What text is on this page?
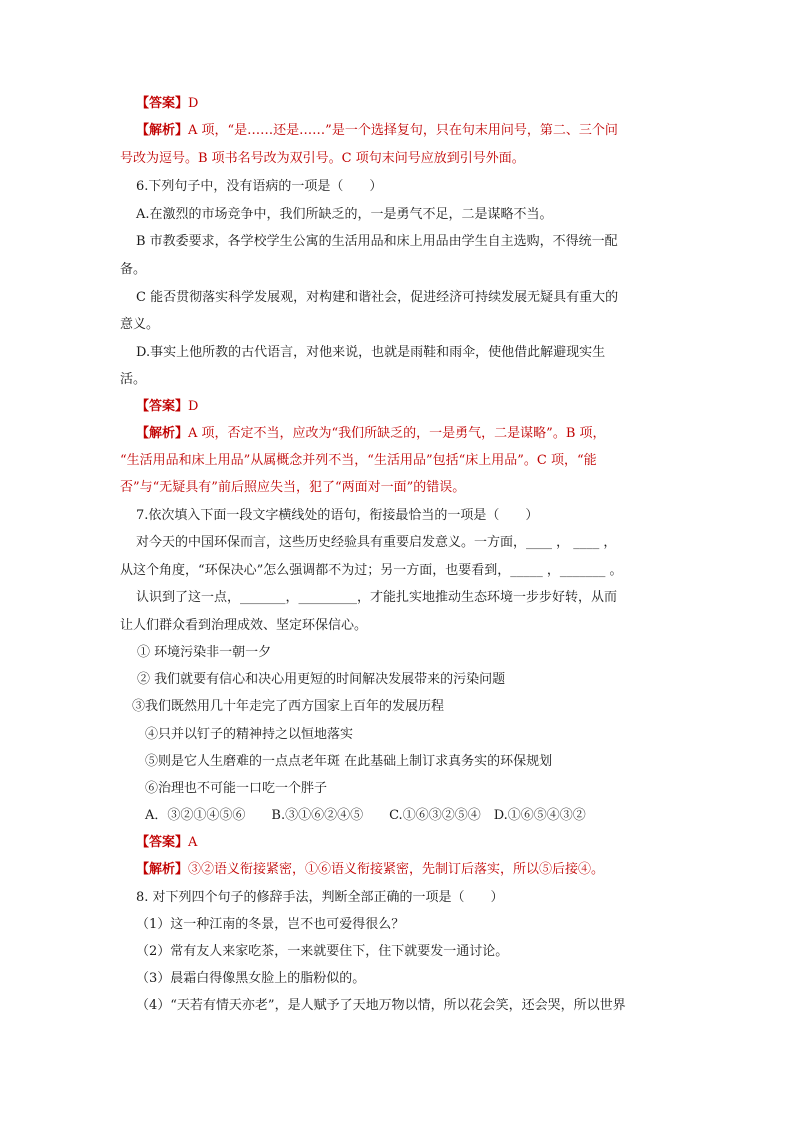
【答案】D
【解析】A 项，“是……还是……”是一个选择复句，只在句末用问号，第二、三个问
号改为逗号。B 项书名号改为双引号。C 项句末问号应放到引号外面。
6.下列句子中，没有语病的一项是（　　）
A.在激烈的市场竞争中，我们所缺乏的，一是勇气不足，二是谋略不当。
B 市教委要求，各学校学生公寓的生活用品和床上用品由学生自主选购，不得统一配
备。
C 能否贯彻落实科学发展观，对构建和谐社会，促进经济可持续发展无疑具有重大的
意义。
D.事实上他所教的古代语言，对他来说，也就是雨鞋和雨伞，使他借此解避现实生
活。
【答案】D
【解析】A 项，否定不当，应改为“我们所缺乏的，一是勇气，二是谋略”。B 项，
“生活用品和床上用品”从属概念并列不当，“生活用品”包括“床上用品”。C 项，“能
否”与“无疑具有”前后照应失当，犯了“两面对一面”的错误。
7.依次填入下面一段文字横线处的语句，衔接最恰当的一项是（　　）
对今天的中国环保而言，这些历史经验具有重要启发意义。一方面，____ ， ____ ，
从这个角度，“环保决心”怎么强调都不为过；另一方面，也要看到，_____ ，_______ 。
认识到了这一点，_______，_________，才能扎实地推动生态环境一步步好转，从而
让人们群众看到治理成效、坚定环保信心。
① 环境污染非一朝一夕
② 我们就要有信心和决心用更短的时间解决发展带来的污染问题
③我们既然用几十年走完了西方国家上百年的发展历程
④只并以钉子的精神持之以恒地落实
⑤则是它人生磨难的一点点老年斑 在此基础上制订求真务实的环保规划
⑥治理也不可能一口吃一个胖子
A．③②①④⑤⑥　　B.③①⑥②④⑤　　C.①⑥③②⑤④　D.①⑥⑤④③②
【答案】A
【解析】③②语义衔接紧密，①⑥语义衔接紧密，先制订后落实，所以⑤后接④。
8. 对下列四个句子的修辞手法，判断全部正确的一项是（　　）
（1）这一种江南的冬景，岂不也可爱得很么？
（2）常有友人来家吃茶，一来就要住下，住下就要发一通讨论。
（3）晨霜白得像黑女脸上的脂粉似的。
（4）“天若有情天亦老”，是人赋予了天地万物以情，所以花会笑，还会哭，所以世界
